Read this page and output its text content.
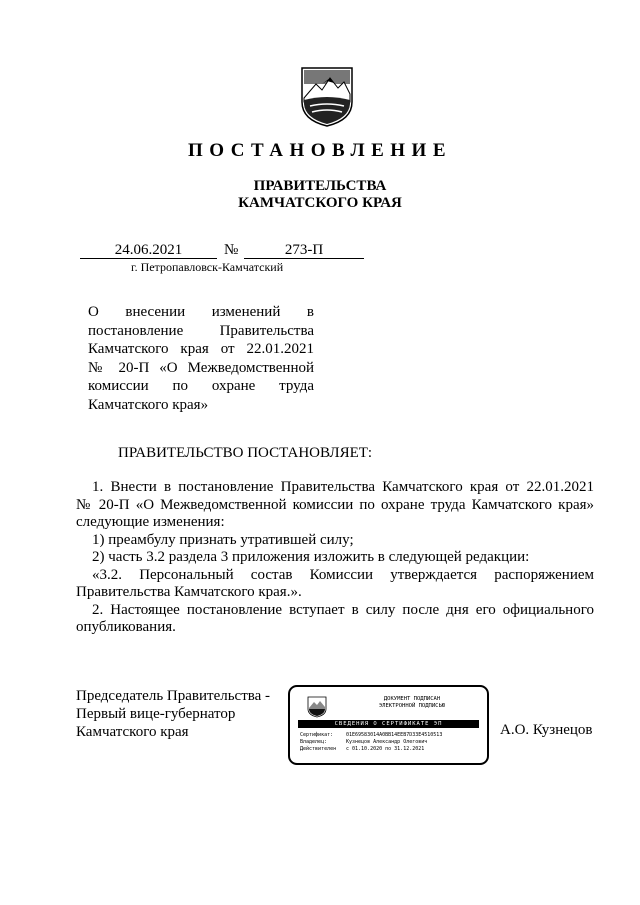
ПОСТАНОВЛЕНИЕ
ПРАВИТЕЛЬСТВА
КАМЧАТСКОГО КРАЯ
24.06.2021	№	273-П
г. Петропавловск-Камчатский
О внесении изменений в
постановление Правительства
Камчатского края от 22.01.2021
№ 20-П «О Межведомственной
комиссии по охране труда
Камчатского края»
ПРАВИТЕЛЬСТВО ПОСТАНОВЛЯЕТ:

1. Внести в постановление Правительства Камчатского края от 22.01.2021

№ 20-П «О Межведомственной комиссии по охране труда Камчатского края»

следующие изменения:

1) преамбулу признать утратившей силу;

2) часть 3.2 раздела 3 приложения изложить в следующей редакции:

«3.2. Персональный состав Комиссии утверждается распоряжением

Правительства Камчатского края.».

2. Настоящее постановление вступает в силу после дня его официального

опубликования.

Председатель Правительства -
Первый вице-губернатор
Камчатского края
ДОКУМЕНТ ПОДПИСАН
ЭЛЕКТРОННОЙ ПОДПИСЬЮ
СВЕДЕНИЯ О СЕРТИФИКАТЕ ЭП
Сертификат:	01E69583014A0BB14EEB7D33E4510513
Владелец:	Кузнецов Александр Олегович
Действителен с 01.10.2020 по 31.12.2021
А.О. Кузнецов
